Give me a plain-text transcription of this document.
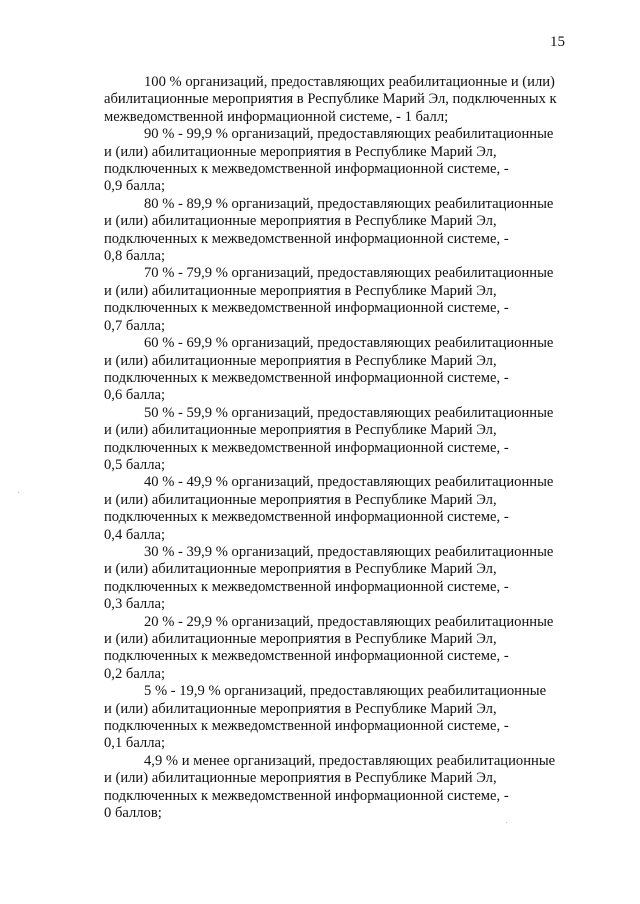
15
100 % организаций, предоставляющих реабилитационные и (или)
абилитационные мероприятия в Республике Марий Эл, подключенных к
межведомственной информационной системе, - 1 балл;
90 % - 99,9 % организаций, предоставляющих реабилитационные
и (или) абилитационные мероприятия в Республике Марий Эл,
подключенных к межведомственной информационной системе, -
0,9 балла;
80 % - 89,9 % организаций, предоставляющих реабилитационные
и (или) абилитационные мероприятия в Республике Марий Эл,
подключенных к межведомственной информационной системе, -
0,8 балла;
70 % - 79,9 % организаций, предоставляющих реабилитационные
и (или) абилитационные мероприятия в Республике Марий Эл,
подключенных к межведомственной информационной системе, -
0,7 балла;
60 % - 69,9 % организаций, предоставляющих реабилитационные
и (или) абилитационные мероприятия в Республике Марий Эл,
подключенных к межведомственной информационной системе, -
0,6 балла;
50 % - 59,9 % организаций, предоставляющих реабилитационные
и (или) абилитационные мероприятия в Республике Марий Эл,
подключенных к межведомственной информационной системе, -
0,5 балла;
40 % - 49,9 % организаций, предоставляющих реабилитационные
и (или) абилитационные мероприятия в Республике Марий Эл,
подключенных к межведомственной информационной системе, -
0,4 балла;
30 % - 39,9 % организаций, предоставляющих реабилитационные
и (или) абилитационные мероприятия в Республике Марий Эл,
подключенных к межведомственной информационной системе, -
0,3 балла;
20 % - 29,9 % организаций, предоставляющих реабилитационные
и (или) абилитационные мероприятия в Республике Марий Эл,
подключенных к межведомственной информационной системе, -
0,2 балла;
5 % - 19,9 % организаций, предоставляющих реабилитационные
и (или) абилитационные мероприятия в Республике Марий Эл,
подключенных к межведомственной информационной системе, -
0,1 балла;
4,9 % и менее организаций, предоставляющих реабилитационные
и (или) абилитационные мероприятия в Республике Марий Эл,
подключенных к межведомственной информационной системе, -
0 баллов;
